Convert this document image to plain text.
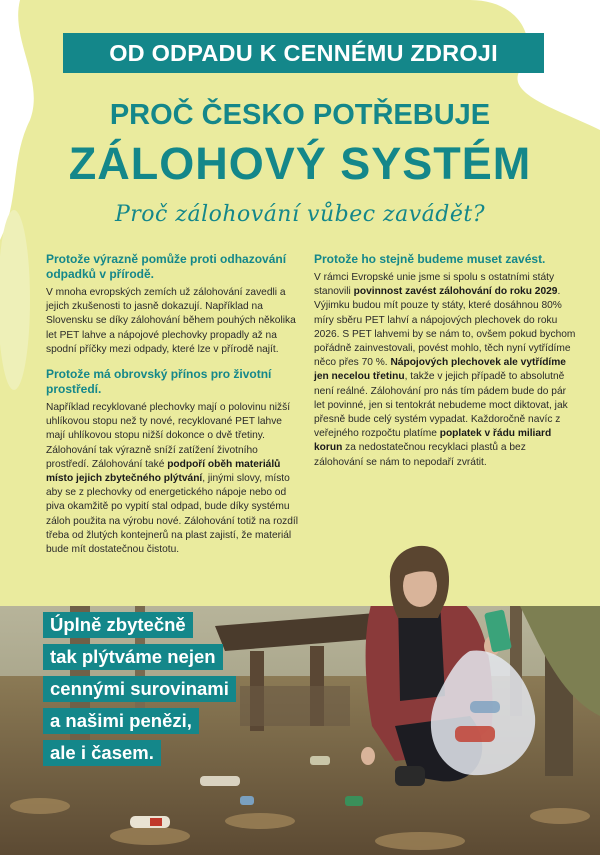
OD ODPADU K CENNÉMU ZDROJI
PROČ ČESKO POTŘEBUJE
ZÁLOHOVÝ SYSTÉM
Proč zálohování vůbec zavádět?

Protože výrazně pomůže proti odhazování odpadků v přírodě.

V mnoha evropských zemích už zálohování zavedli a jejich zkušenosti to jasně dokazují. Například na Slovensku se díky zálohování během pouhých několika let PET lahve a nápojové plechovky propadly až na spodní příčky mezi odpady, které lze v přírodě najít.

Protože má obrovský přínos pro životní prostředí.

Například recyklované plechovky mají o polovinu nižší uhlíkovou stopu než ty nové, recyklované PET lahve mají uhlíkovou stopu nižší dokonce o dvě třetiny. Zálohování tak výrazně sníží zatížení životního prostředí. Zálohování také podpoří oběh materiálů místo jejich zbytečného plýtvání, jinými slovy, místo aby se z plechovky od energetického nápoje nebo od piva okamžitě po vypití stal odpad, bude díky systému záloh použita na výrobu nové. Zálohování totiž na rozdíl třeba od žlutých kontejnerů na plast zajistí, že materiál bude mít dostatečnou čistotu.

Protože ho stejně budeme muset zavést.

V rámci Evropské unie jsme si spolu s ostatními státy stanovili povinnost zavést zálohování do roku 2029. Výjimku budou mít pouze ty státy, které dosáhnou 80% míry sběru PET lahví a nápojových plechovek do roku 2026. S PET lahvemi by se nám to, ovšem pokud bychom pořádně zainvestovali, povést mohlo, těch nyní vytřídíme něco přes 70 %. Nápojových plechovek ale vytřídíme jen necelou třetinu, takže v jejich případě to absolutně není reálné. Zálohování pro nás tím pádem bude do pár let povinné, jen si tentokrát nebudeme moct diktovat, jak přesně bude celý systém vypadat. Každoročně navíc z veřejného rozpočtu platíme poplatek v řádu miliard korun za nedostatečnou recyklaci plastů a bez zálohování se nám to nepodaří zvrátit.

Úplně zbytečně
tak plýtváme nejen
cennými surovinami
a našimi penězi,
ale i časem.
